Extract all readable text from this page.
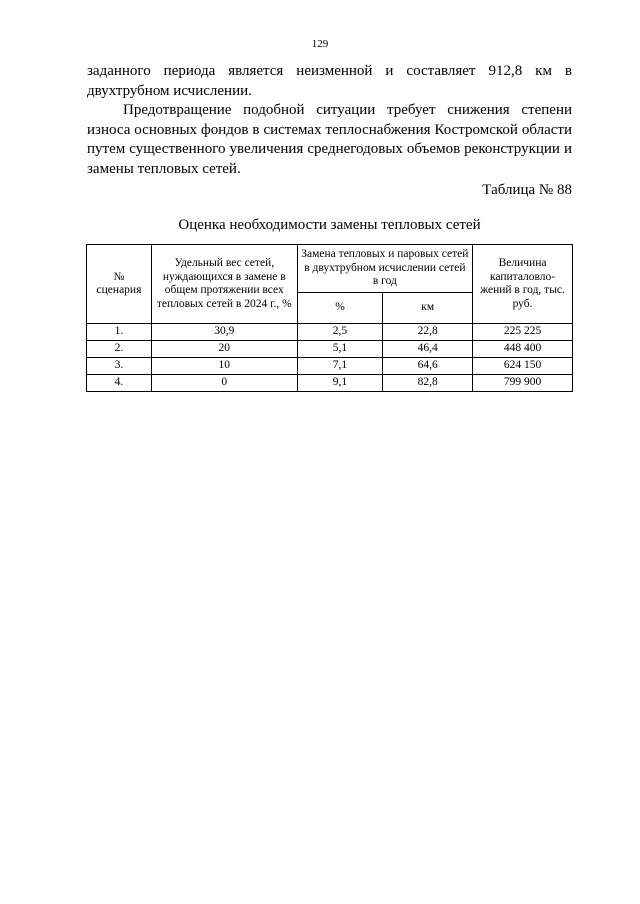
129

заданного периода является неизменной и составляет 912,8 км в двухтрубном исчислении.

Предотвращение подобной ситуации требует снижения степени износа основных фондов в системах теплоснабжения Костромской области путем существенного увеличения среднегодовых объемов реконструкции и замены тепловых сетей.

Таблица № 88
Оценка необходимости замены тепловых сетей
№ сценария	Удельный вес сетей, нуждающихся в замене в общем протяжении всех тепловых сетей в 2024 г., %	Замена тепловых и паровых сетей в двухтрубном исчислении сетей в год		Величина капиталовло-жений в год, тыс. руб.
		%	км	
1.	30,9	2,5	22,8	225 225
2.	20	5,1	46,4	448 400
3.	10	7,1	64,6	624 150
4.	0	9,1	82,8	799 900
